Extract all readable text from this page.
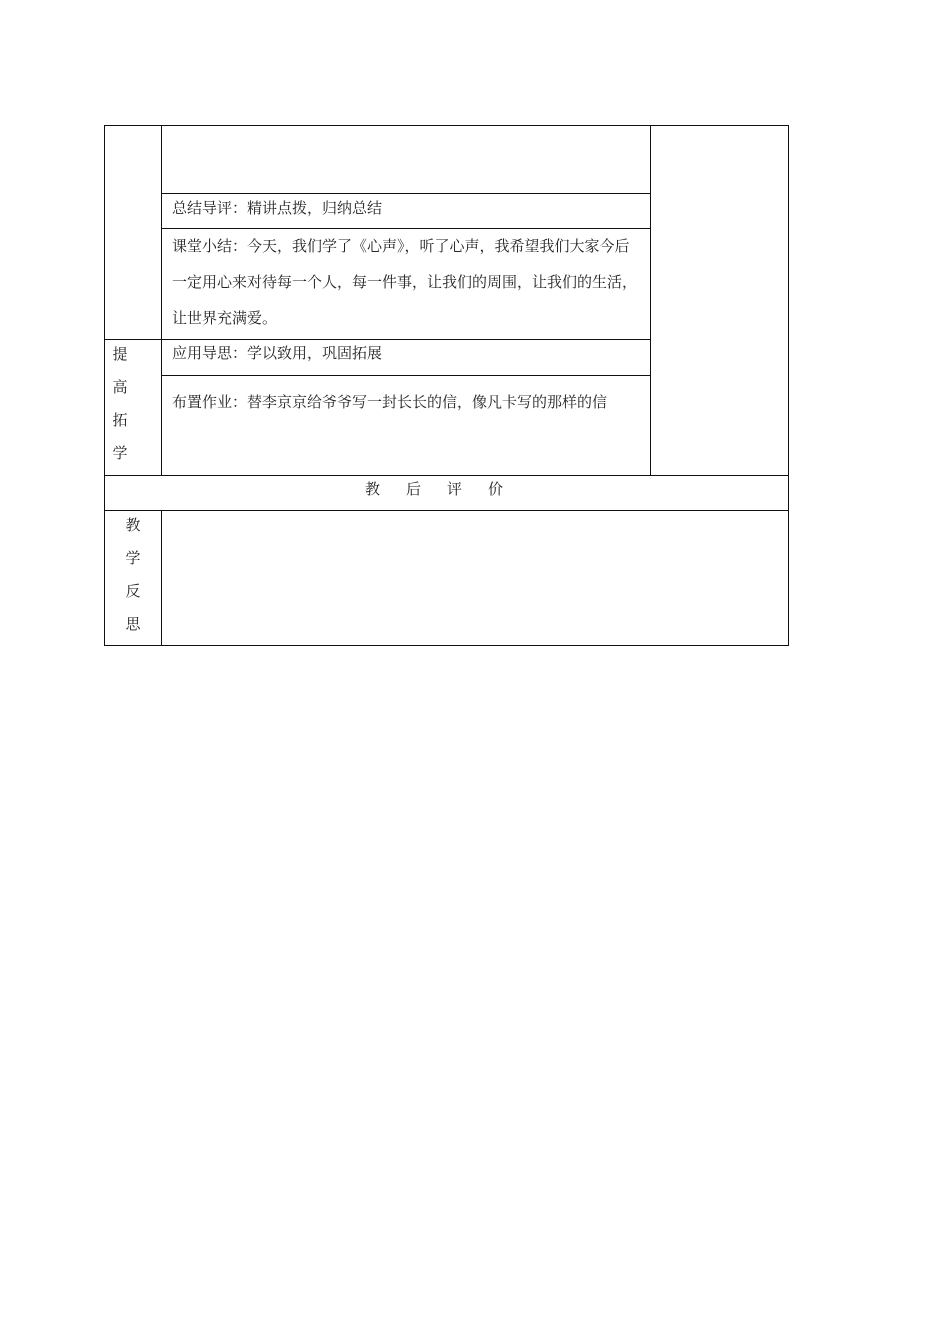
总结导评：精讲点拨，归纳总结
课堂小结：今天，我们学了《心声》，听了心声，我希望我们大家今后一定用心来对待每一个人，每一件事，让我们的周围，让我们的生活，让世界充满爱。
应用导思：学以致用，巩固拓展
布置作业：替李京京给爷爷写一封长长的信，像凡卡写的那样的信
提
高
拓
学
教后评价
教
学
反
思
